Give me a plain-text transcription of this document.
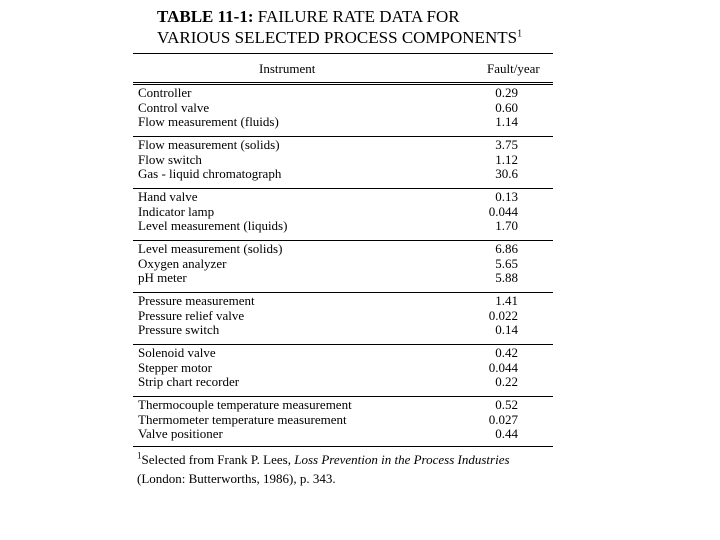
TABLE 11-1: FAILURE RATE DATA FOR
VARIOUS SELECTED PROCESS COMPONENTS$^1$
Instrument	Fault/year
Controller	0.29
Control valve	0.60
Flow measurement (fluids)	1.14
Flow measurement (solids)	3.75
Flow switch	1.12
Gas - liquid chromatograph	30.6
Hand valve	0.13
Indicator lamp	0.044
Level measurement (liquids)	1.70
Level measurement (solids)	6.86
Oxygen analyzer	5.65
pH meter	5.88
Pressure measurement	1.41
Pressure relief valve	0.022
Pressure switch	0.14
Solenoid valve	0.42
Stepper motor	0.044
Strip chart recorder	0.22
Thermocouple temperature measurement	0.52
Thermometer temperature measurement	0.027
Valve positioner	0.44
$^1$Selected from Frank P. Lees, Loss Prevention in the Process Industries
(London: Butterworths, 1986), p. 343.
